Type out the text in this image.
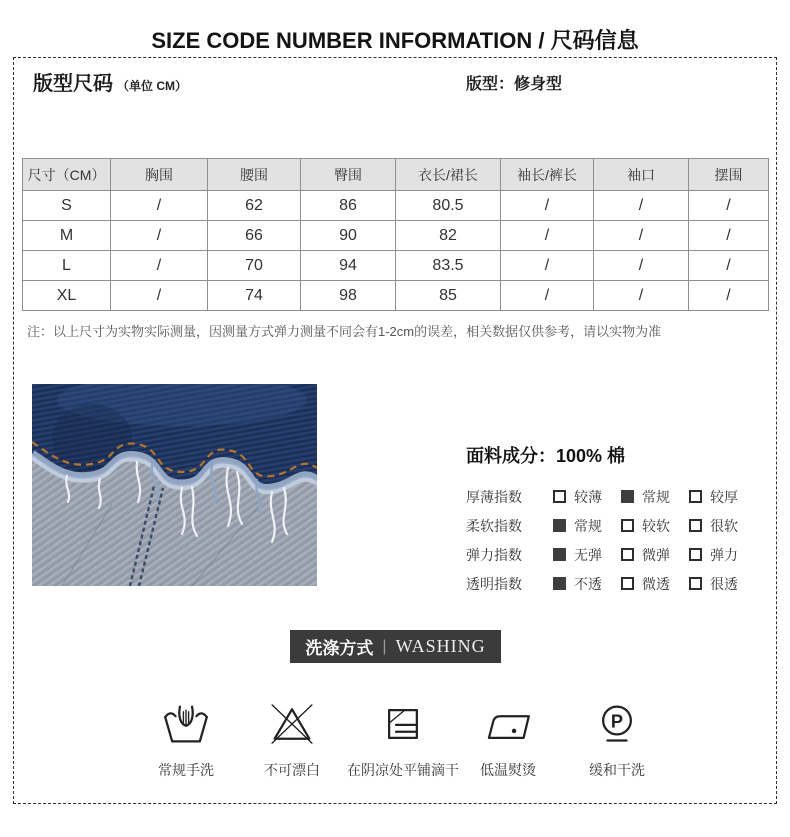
SIZE CODE NUMBER INFORMATION / 尺码信息
版型尺码 （单位 CM）	版型：修身型
尺寸（CM）	胸围	腰围	臀围	衣长/裙长	袖长/裤长	袖口	摆围
S	/	62	86	80.5	/	/	/
M	/	66	90	82	/	/	/
L	/	70	94	83.5	/	/	/
XL	/	74	98	85	/	/	/
注：以上尺寸为实物实际测量，因测量方式弹力测量不同会有1-2cm的误差，相关数据仅供参考，请以实物为准
面料成分：100% 棉
厚薄指数	较薄	常规	较厚
柔软指数	常规	较软	很软
弹力指数	无弹	微弹	弹力
透明指数	不透	微透	很透
洗涤方式 | WASHING
常规手洗	不可漂白 在阴凉处平铺滴干 低温熨烫
P
缓和干洗
